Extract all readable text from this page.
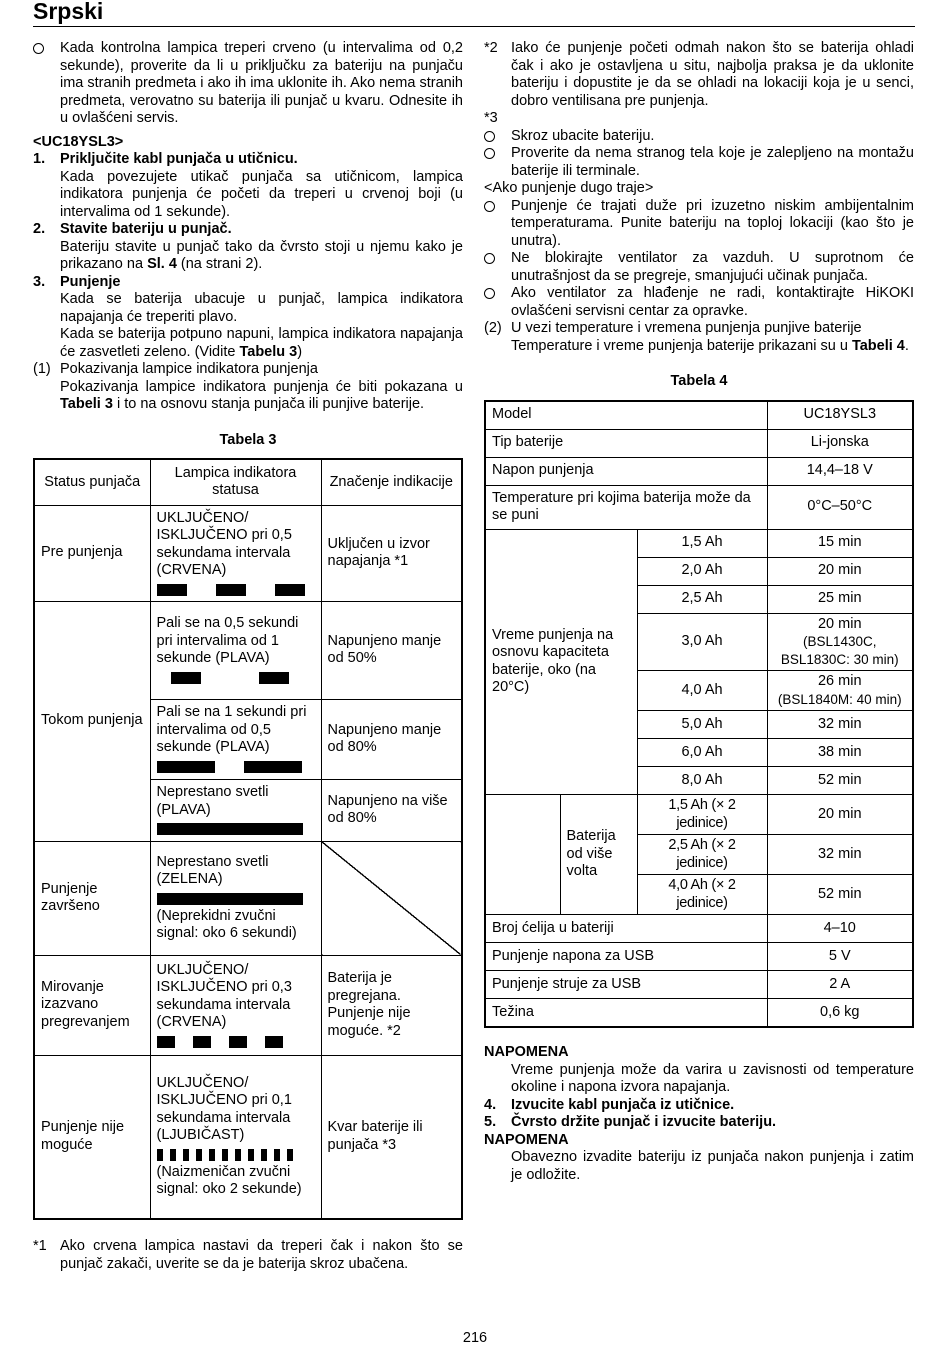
Srpski
Kada kontrolna lampica treperi crveno (u intervalima od 0,2 sekunde), proverite da li u priključku za bateriju na punjaču ima stranih predmeta i ako ih ima uklonite ih. Ako nema stranih predmeta, verovatno su baterija ili punjač u kvaru. Odnesite ih u ovlašćeni servis.

<UC18YSL3>

1. Priključite kabl punjača u utičnicu.
Kada povezujete utikač punjača sa utičnicom, lampica indikatora punjenja će početi da treperi u crvenoj boji (u intervalima od 1 sekunde).
2. Stavite bateriju u punjač.
Bateriju stavite u punjač tako da čvrsto stoji u njemu kako je prikazano na Sl. 4 (na strani 2).
3. Punjenje
Kada se baterija ubacuje u punjač, lampica indikatora napajanja će treperiti plavo.
Kada se baterija potpuno napuni, lampica indikatora napajanja će zasvetleti zeleno. (Vidite Tabelu 3)
(1) Pokazivanja lampice indikatora punjenja
Pokazivanja lampice indikatora punjenja će biti pokazana u Tabeli 3 i to na osnovu stanja punjača ili punjive baterije.

Tabela 3

Status punjača	Lampica indikatora statusa	Značenje indikacije
Pre punjenja	UKLJUČENO/ ISKLJUČENO pri 0,5 sekundama intervala (CRVENA)	Uključen u izvor napajanja *1
Tokom punjenja	Pali se na 0,5 sekundi pri intervalima od 1 sekunde (PLAVA)	Napunjeno manje od 50%

	Pali se na 1 sekundi pri intervalima od 0,5 sekunde (PLAVA)	Napunjeno manje od 80%

	Neprestano svetli (PLAVA)	Napunjeno na više od 80%
Punjenje završeno	Neprestano svetli (ZELENA)
(Neprekidni zvučni signal: oko 6 sekundi)	

Mirovanje izazvano pregrevanjem	UKLJUČENO/ ISKLJUČENO pri 0,3 sekundama intervala (CRVENA)	Baterija je pregrejana. Punjenje nije moguće. *2
Punjenje nije moguće	UKLJUČENO/ ISKLJUČENO pri 0,1 sekundama intervala (LJUBIČAST)
(Naizmeničan zvučni signal: oko 2 sekunde)	Kvar baterije ili punjača *3
*1 Ako crvena lampica nastavi da treperi čak i nakon što se punjač zakači, uverite se da je baterija skroz ubačena.
*2 Iako će punjenje početi odmah nakon što se baterija ohladi čak i ako je ostavljena u situ, najbolja praksa je da uklonite bateriju i dopustite je da se ohladi na lokaciji koja je u senci, dobro ventilisana pre punjenja.

*3

Skroz ubacite bateriju.
Proverite da nema stranog tela koje je zalepljeno na montažu baterije ili terminale.

<Ako punjenje dugo traje>

Punjenje će trajati duže pri izuzetno niskim ambijentalnim temperaturama. Punite bateriju na toploj lokaciji (kao što je unutra).
Ne blokirajte ventilator za vazduh. U suprotnom će unutrašnjost da se pregreje, smanjujući učinak punjača.
Ako ventilator za hlađenje ne radi, kontaktirajte HiKOKI ovlašćeni servisni centar za opravke.
(2) U vezi temperature i vremena punjenja punjive baterije
Temperature i vreme punjenja baterije prikazani su u Tabeli 4.

Tabela 4

Model			UC18YSL3
Tip baterije			Li-jonska
Napon punjenja			14,4–18 V
Temperature pri kojima baterija može da se puni			0°C–50°C
Vreme punjenja na osnovu kapaciteta baterije, oko (na 20°C)		1,5 Ah	15 min
		2,0 Ah	20 min
		2,5 Ah	25 min
		3,0 Ah	20 min
(BSL1430C, BSL1830C: 30 min)

		4,0 Ah	26 min
(BSL1840M: 40 min)

		5,0 Ah	32 min
		6,0 Ah	38 min
		8,0 Ah	52 min
	Baterija od više volta	1,5 Ah (× 2 jedinice)	20 min
		2,5 Ah (× 2 jedinice)	32 min
		4,0 Ah (× 2 jedinice)	52 min
Broj ćelija u bateriji			4–10
Punjenje napona za USB			5 V
Punjenje struje za USB			2 A
Težina			0,6 kg

NAPOMENA

Vreme punjenja može da varira u zavisnosti od temperature okoline i napona izvora napajanja.

4. Izvucite kabl punjača iz utičnice.
5. Čvrsto držite punjač i izvucite bateriju.

NAPOMENA

Obavezno izvadite bateriju iz punjača nakon punjenja i zatim je odložite.

216
